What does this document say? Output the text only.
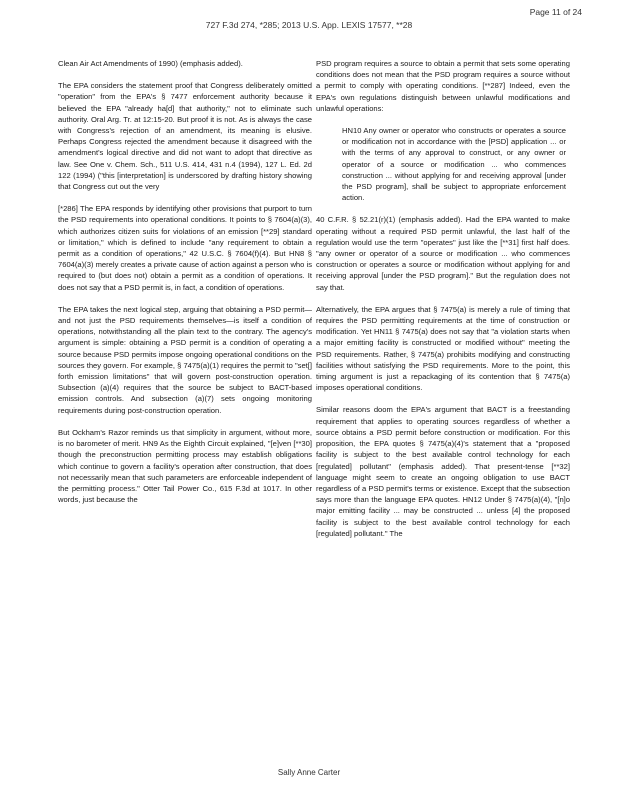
Page 11 of 24
727 F.3d 274, *285; 2013 U.S. App. LEXIS 17577, **28

Clean Air Act Amendments of 1990) (emphasis added).

The EPA considers the statement proof that Congress deliberately omitted "operation" from the EPA's § 7477 enforcement authority because it believed the EPA "already ha[d] that authority," not to eliminate such authority. Oral Arg. Tr. at 12:15-20. But proof it is not. As is always the case with Congress's rejection of an amendment, its meaning is elusive. Perhaps Congress rejected the amendment because it disagreed with the amendment's logical directive and did not want to adopt that directive as law. See One v. Chem. Sch., 511 U.S. 414, 431 n.4 (1994), 127 L. Ed. 2d 122 (1994) ("this [interpretation] is underscored by drafting history showing that Congress cut out the very

[*286] The EPA responds by identifying other provisions that purport to turn the PSD requirements into operational conditions. It points to § 7604(a)(3), which authorizes citizen suits for violations of an emission [**29] standard or limitation," which is defined to include "any requirement to obtain a permit as a condition of operations," 42 U.S.C. § 7604(f)(4). But HN8 § 7604(a)(3) merely creates a private cause of action against a person who is required to (but does not) obtain a permit as a condition of operations. It does not say that a PSD permit is, in fact, a condition of operations.

The EPA takes the next logical step, arguing that obtaining a PSD permit—and not just the PSD requirements themselves—is itself a condition of operations, notwithstanding all the plain text to the contrary. The agency's argument is simple: obtaining a PSD permit is a condition of operating a source because PSD permits impose ongoing operational conditions on the sources they govern. For example, § 7475(a)(1) requires the permit to "set[] forth emission limitations" that will govern post-construction operation. Subsection (a)(4) requires that the source be subject to BACT-based emission controls. And subsection (a)(7) sets ongoing monitoring requirements during post-construction operation.

But Ockham's Razor reminds us that simplicity in argument, without more, is no barometer of merit. HN9 As the Eighth Circuit explained, "[e]ven [**30] though the preconstruction permitting process may establish obligations which continue to govern a facility's operation after construction, that does not necessarily mean that such parameters are enforceable independent of the permitting process." Otter Tail Power Co., 615 F.3d at 1017. In other words, just because the

PSD program requires a source to obtain a permit that sets some operating conditions does not mean that the PSD program requires a source without a permit to comply with operating conditions. [**287] Indeed, even the EPA's own regulations distinguish between unlawful modifications and unlawful operations:

HN10 Any owner or operator who constructs or operates a source or modification not in accordance with the [PSD] application ... or with the terms of any approval to construct, or any owner or operator of a source or modification ... who commences construction ... without applying for and receiving approval [under the PSD program], shall be subject to appropriate enforcement action.

40 C.F.R. § 52.21(r)(1) (emphasis added). Had the EPA wanted to make operating without a required PSD permit unlawful, the last half of the regulation would use the term "operates" just like the [**31] first half does. "any owner or operator of a source or modification ... who commences construction or operates a source or modification without applying for and receiving approval [under the PSD program]." But the regulation does not say that.

Alternatively, the EPA argues that § 7475(a) is merely a rule of timing that requires the PSD permitting requirements at the time of construction or modification. Yet HN11 § 7475(a) does not say that "a violation starts when a major emitting facility is constructed or modified without" meeting the PSD requirements. Rather, § 7475(a) prohibits modifying and constructing facilities without satisfying the PSD requirements. More to the point, this timing argument is just a repackaging of its contention that § 7475(a) imposes operational conditions.

Similar reasons doom the EPA's argument that BACT is a freestanding requirement that applies to operating sources regardless of whether a source obtains a PSD permit before construction or modification. For this proposition, the EPA quotes § 7475(a)(4)'s statement that a "proposed facility is subject to the best available control technology for each [regulated] pollutant" (emphasis added). That present-tense [**32] language might seem to create an ongoing obligation to use BACT regardless of a PSD permit's terms or existence. Except that the subsection says more than the language EPA quotes. HN12 Under § 7475(a)(4), "[n]o major emitting facility ... may be constructed ... unless [4] the proposed facility is subject to the best available control technology for each [regulated] pollutant." The

Sally Anne Carter
